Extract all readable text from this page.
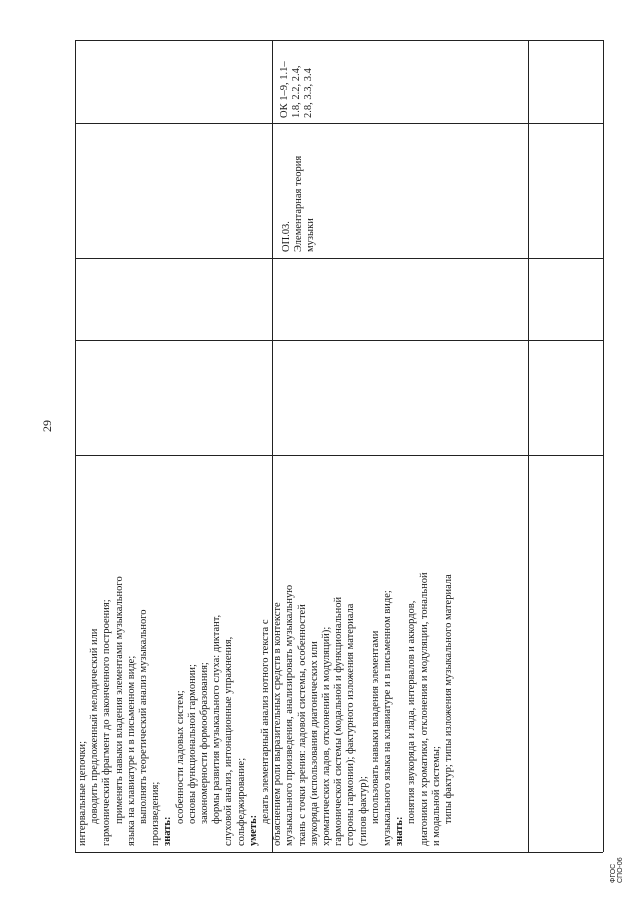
29
ФГОС СПО-06

интервальные цепочки; доводить предложенный мелодический или гармонический фрагмент до законченного построения; применять навыки владения элементами музыкального языка на клавиатуре и в письменном виде; выполнять теоретический анализ музыкального произведения; знать:

особенности ладовых систем; основы функциональной гармонии; закономерности формообразования; формы развития музыкального слуха: диктант, слуховой анализ, интонационные упражнения, сольфеджирование; уметь:

делать элементарный анализ нотного текста с объяснением роли выразительных средств в контексте музыкального произведения, анализировать музыкальную ткань с точки зрения: ладовой системы, особенностей звукоряда (использования диатонических или хроматических ладов, отклонений и модуляций); гармонической системы (модальной и функциональной стороны гармонии); фактурного изложения материала (типов фактур); использовать навыки владения элементами музыкального языка на клавиатуре и в письменном виде; знать:

понятия звукоряда и лада, интервалов и аккордов, диатоники и хроматики, отклонения и модуляции, тональной и модальной системы; типы фактур; типы изложения музыкального материала

ОП.03. Элементарная теория музыки

ОК 1–9, 1.1– 1.8, 2.2, 2.4, 2.8, 3.3, 3.4
